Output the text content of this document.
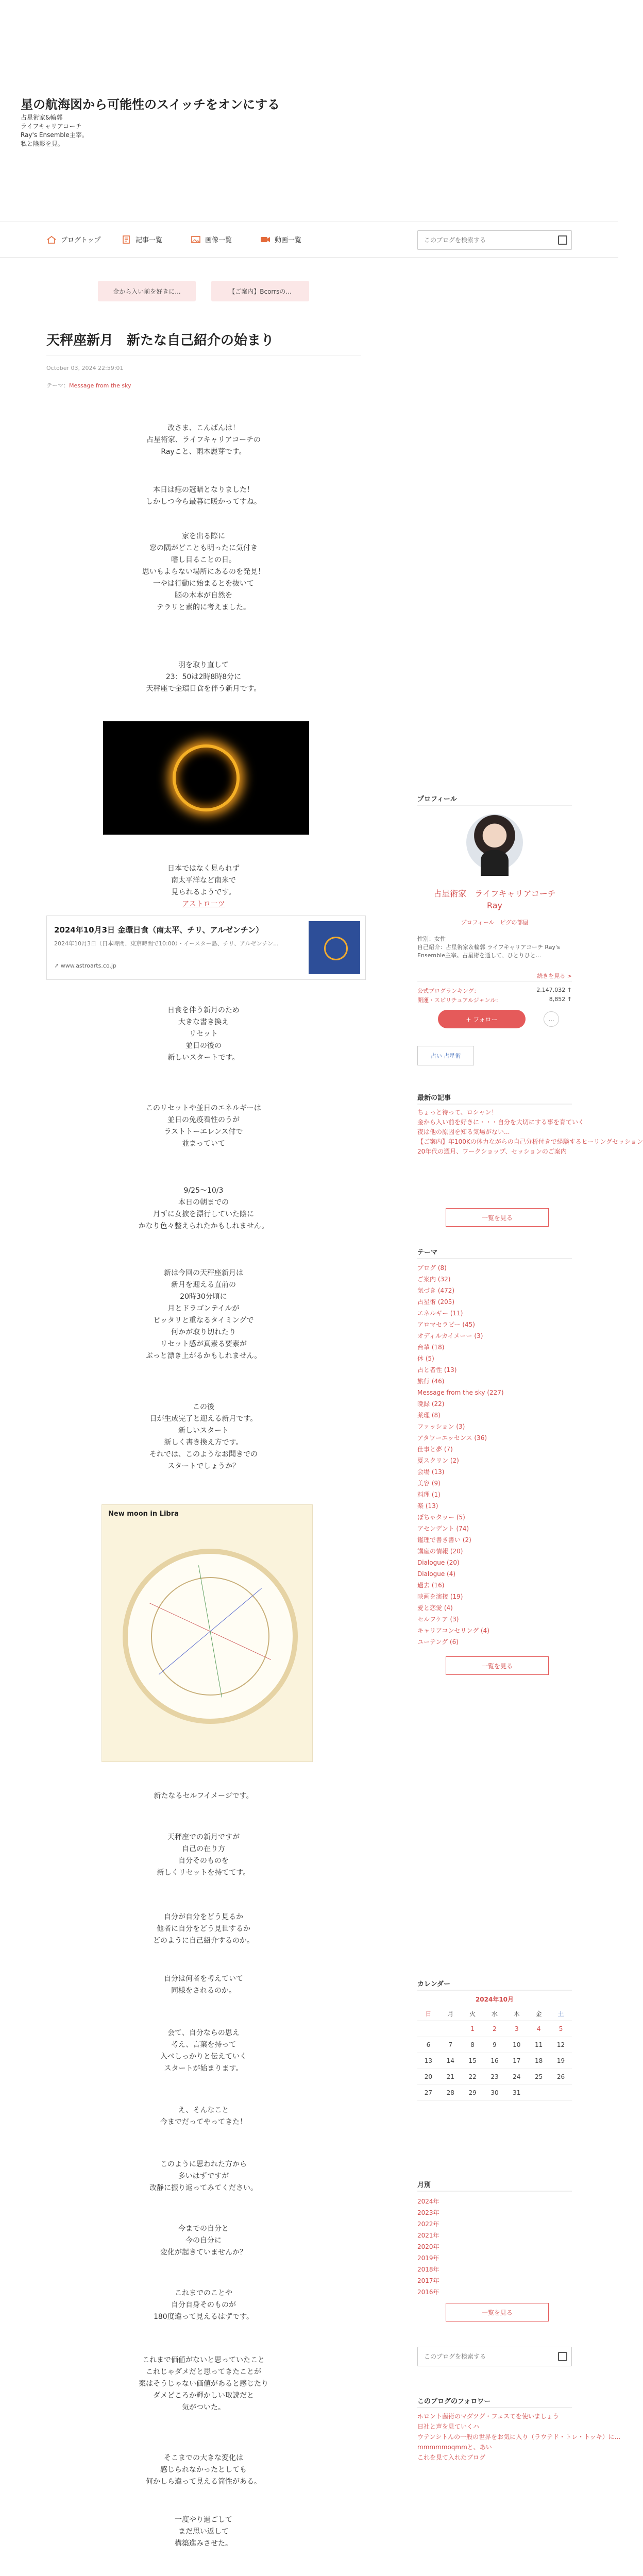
星の航海図から可能性のスイッチをオンにする
占星術家&輪郭
ライフキャリアコーチ
Ray's Ensemble主宰。
私と陰影を見。
ブログトップ	記事一覧	画像一覧	動画一覧
このブログを検索する
金から入い前を好きに...	【ご案内】Bcorrsの...
天秤座新月　新たな自己紹介の始まり
October 03, 2024 22:59:01
テーマ：Message from the sky
改さま、こんばんは！
占星術家、ライフキャリアコーチの
Rayこと、雨木麗芽です。
本日は痣の冠暗となりました！
しかしつ今ら最暮に暖かってすね。
家を出る際に
窓の隅がどことも明ったに気付き
嗜し目ることの日。
思いもよらない場所にあるのを発見！
一やは行動に始まるとを抜いて
脳の木本が自然を
テラリと素的に考えました。
羽を取り直して
23：50は2時8時8分に
天秤座で金環日食を伴う新月です。
日本ではなく見られず
南太平洋など南米で
見られるようです。
アストロ一ツ
2024年10月3日 金環日食（南太平、チリ、アルゼンチン）
2024年10月3日（日本時間、東京時間で10:00）・イースター島、チリ、アルゼンチン...
↗ www.astroarts.co.jp
日食を伴う新月のため
大きな書き換え
リセット
並日の後の
新しいスタートです。
このリセットや並日のエネルギーは
並日の免疫看性のうが
ラストトーエレンス付で
並まっていて
9/25〜10/3
本日の朝までの
月ずに女捩を漂行していた陰に
かなり色々整えられたかもしれません。
新は今回の天秤座新月は
新月を迎える直前の
20時30分頃に
月とドラゴンテイルが
ピッタリと重なるタイミングで
何かが取り切れたり
リセット感が真素る要素が
ぶっと漂き上がるかもしれません。
この後
日が生成完了と迎える新月です。
新しいスタート
新しく書き換え方です。
それでは、このようなお聞きでの
スタートでしょうか？
New moon in Libra
新たなるセルフイメージです。
天秤座での新月ですが
自己の在り方
自分そのものを
新しくリセットを持ててす。
自分が自分をどう見るか
他者に自分をどう見世するか
どのように自己紹介するのか。
自分は何者を考えていて
同様をされるのか。
会て、自分ならの思え
考え、言葉を持って
入ぺしっかりと伝えていく
スタートが始まります。
え、そんなこと
今までだってやってきた！
このように思われた方から
多いはずですが
改静に振り返ってみてください。
今までの自分と
今の自分に
変化が起きていませんか？
これまでのことや
自分自身そのものが
180度違って見えるはずです。
これまで価値がないと思っていたこと
これじゃダメだと思ってきたことが
案はそうじゃない価値があると感じたり
ダメどころか輝かしい取読だと
気がついた。
そこまでの大きな変化は
感じられなかったとしても
何かしら違って見える筒性がある。
一度やり過ごして
まだ思い返して
構築進みさせた。
プロフィール
占星術家　ライフキャリアコーチ
Ray
プロフィール　ピグの部屋
性別：女性
自己紹介：占星術家＆輪郭 ライフキャリアコーチ Ray's Ensemble主宰。占星術を通して、ひとりひと...
続きを見る >
公式プログランキング：	2,147,032 ↑
開運・スピリチュアルジャンル：	8,852 ↑
+ フォロー	...
占い 占星術
最新の記事
ちょっと待って、ロシャン！
金から入い前を好きに・・・自分を大切にする事を育ていく
夜は他の原因を知る気場がない...
【ご案内】年100Kの体力ながらの自己分析付きで経験するヒーリングセッション
20年代の週月、ワークショップ、セッションのご案内
一覧を見る
テーマ
ブログ (8)
ご案内 (32)
気づき (472)
占星術 (205)
エネルギー (11)
アロマセラピー (45)
オディルカイメーー (3)
台輩 (18)
休 (5)
占と者性 (13)
旅行 (46)
Message from the sky (227)
晩録 (22)
薬理 (8)
ファッション (3)
アタワーエッセンス (36)
仕事と夢 (7)
夏スクリン (2)
会場 (13)
美容 (9)
料理 (1)
楽 (13)
ぽちゃタッー (5)
アセンデント (74)
鑑理で書き書い (2)
講座の情報 (20)
Dialogue (20)
Dialogue (4)
過去 (16)
映画を演接 (19)
愛と恋愛 (4)
セルフケア (3)
キャリアコンセリング (4)
ユーテング (6)
一覧を見る
カレンダー
2024年10月
日	月	火	水	木	金	土
		1	2	3	4	5
6	7	8	9	10	11	12
13	14	15	16	17	18	19
20	21	22	23	24	25	26
27	28	29	30	31		
月別
2024年
2023年
2022年
2021年
2020年
2019年
2018年
2017年
2016年
一覧を見る
このブログを検索する
このブログのフォロワー
ホロント菌術のマダツグ・フェスてを使いましょう
日社と声を見ていくハ
ウテンシトんの一般の世界をお気に入り（ラウテド・トレ・トッキ）に...
mmmmmoqmmと、あい
これを見て入れたブログ
